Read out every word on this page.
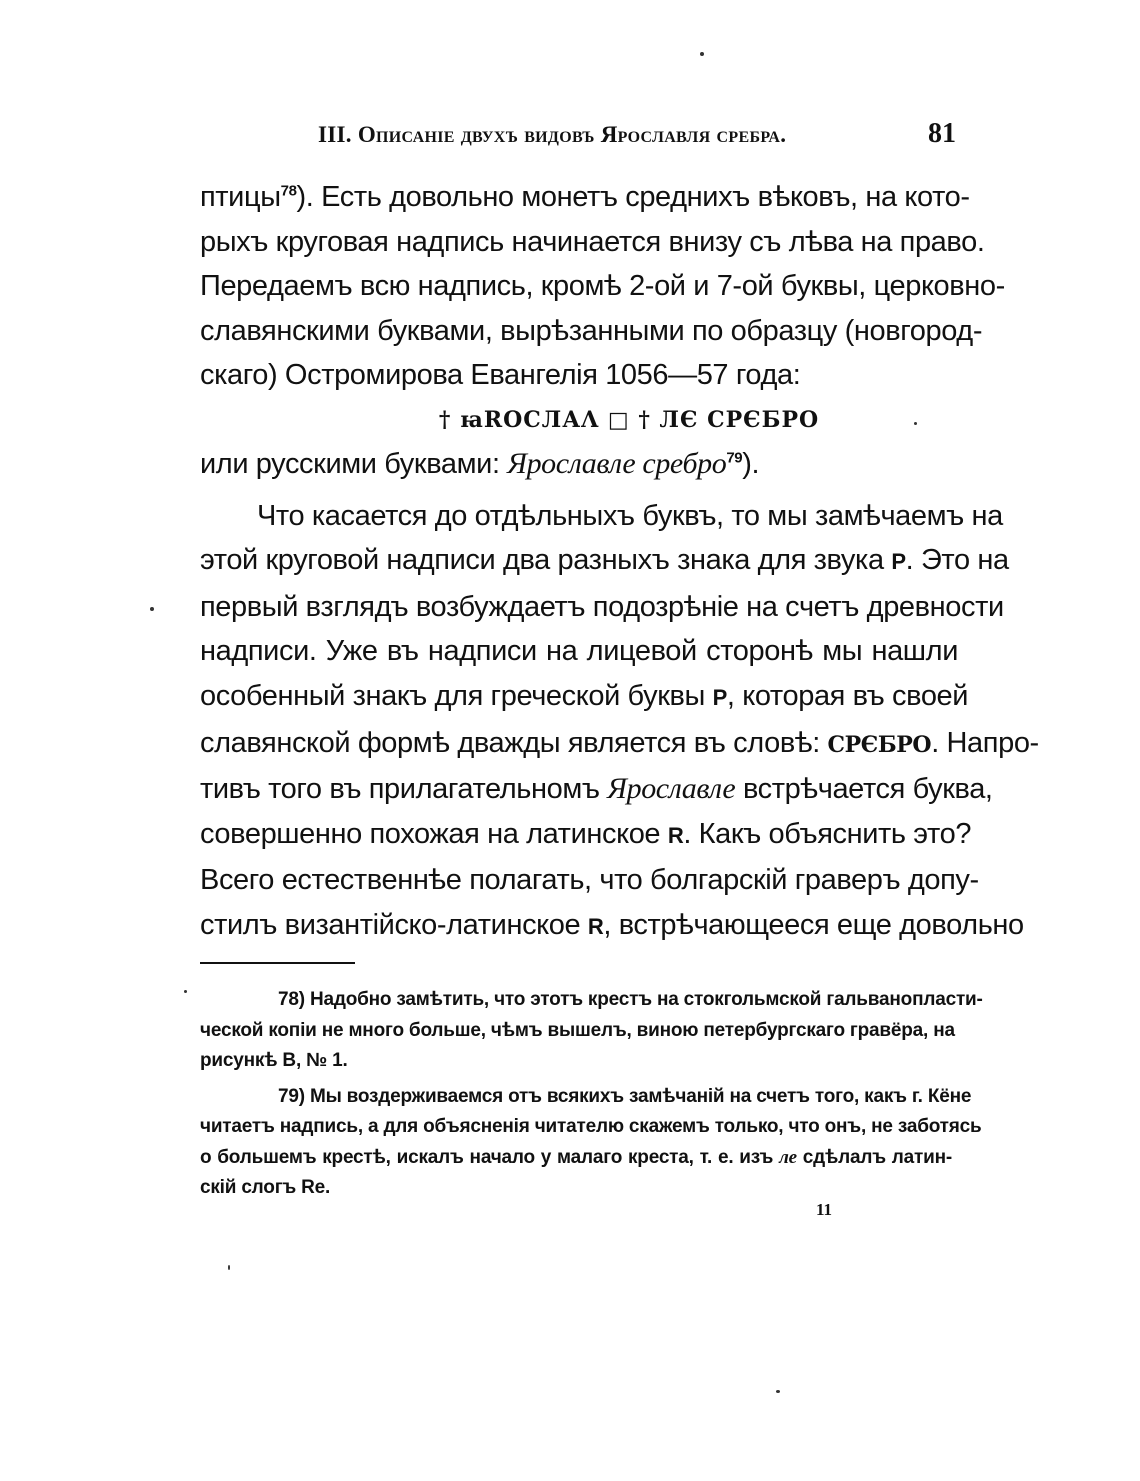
III. Описаніе двухъ видовъ Ярославля сребра.	81
птицы$^{78}$). Есть довольно монетъ среднихъ вѣковъ, на кото-
рыхъ круговая надпись начинается внизу съ лѣва на право.
Передаемъ всю надпись, кромѣ 2-ой и 7-ой буквы, церковно-
славянскими буквами, вырѣзанными по образцу (новгород-
скаго) Остромирова Евангелія 1056—57 года:
† ꙗROCЛАɅ □ † ЛЄ СРЄБРО
или русскими буквами: Ярославле сребро$^{79}$).
Что касается до отдѣльныхъ буквъ, то мы замѣчаемъ на
этой круговой надписи два разныхъ знака для звука Р. Это на
первый взглядъ возбуждаетъ подозрѣніе на счетъ древности
надписи. Уже въ надписи на лицевой сторонѣ мы нашли
особенный знакъ для греческой буквы Р, которая въ своей
славянской формѣ дважды является въ словѣ: СРЄБРО. Напро-
тивъ того въ прилагательномъ Ярославле встрѣчается буква,
совершенно похожая на латинское R. Какъ объяснить это?
Всего естественнѣе полагать, что болгарскій граверъ допу-
стилъ византійско-латинское R, встрѣчающееся еще довольно
78) Надобно замѣтить, что этотъ крестъ на стокгольмской гальванопласти-
ческой копіи не много больше, чѣмъ вышелъ, виною петербургскаго гравёра, на
рисункѣ В, № 1.
79) Мы воздерживаемся отъ всякихъ замѣчаній на счетъ того, какъ г. Кёне
читаетъ надпись, а для объясненія читателю скажемъ только, что онъ, не заботясь
о большемъ крестѣ, искалъ начало у малаго креста, т. е. изъ ле сдѣлалъ латин-
скій слогъ Re.
11
